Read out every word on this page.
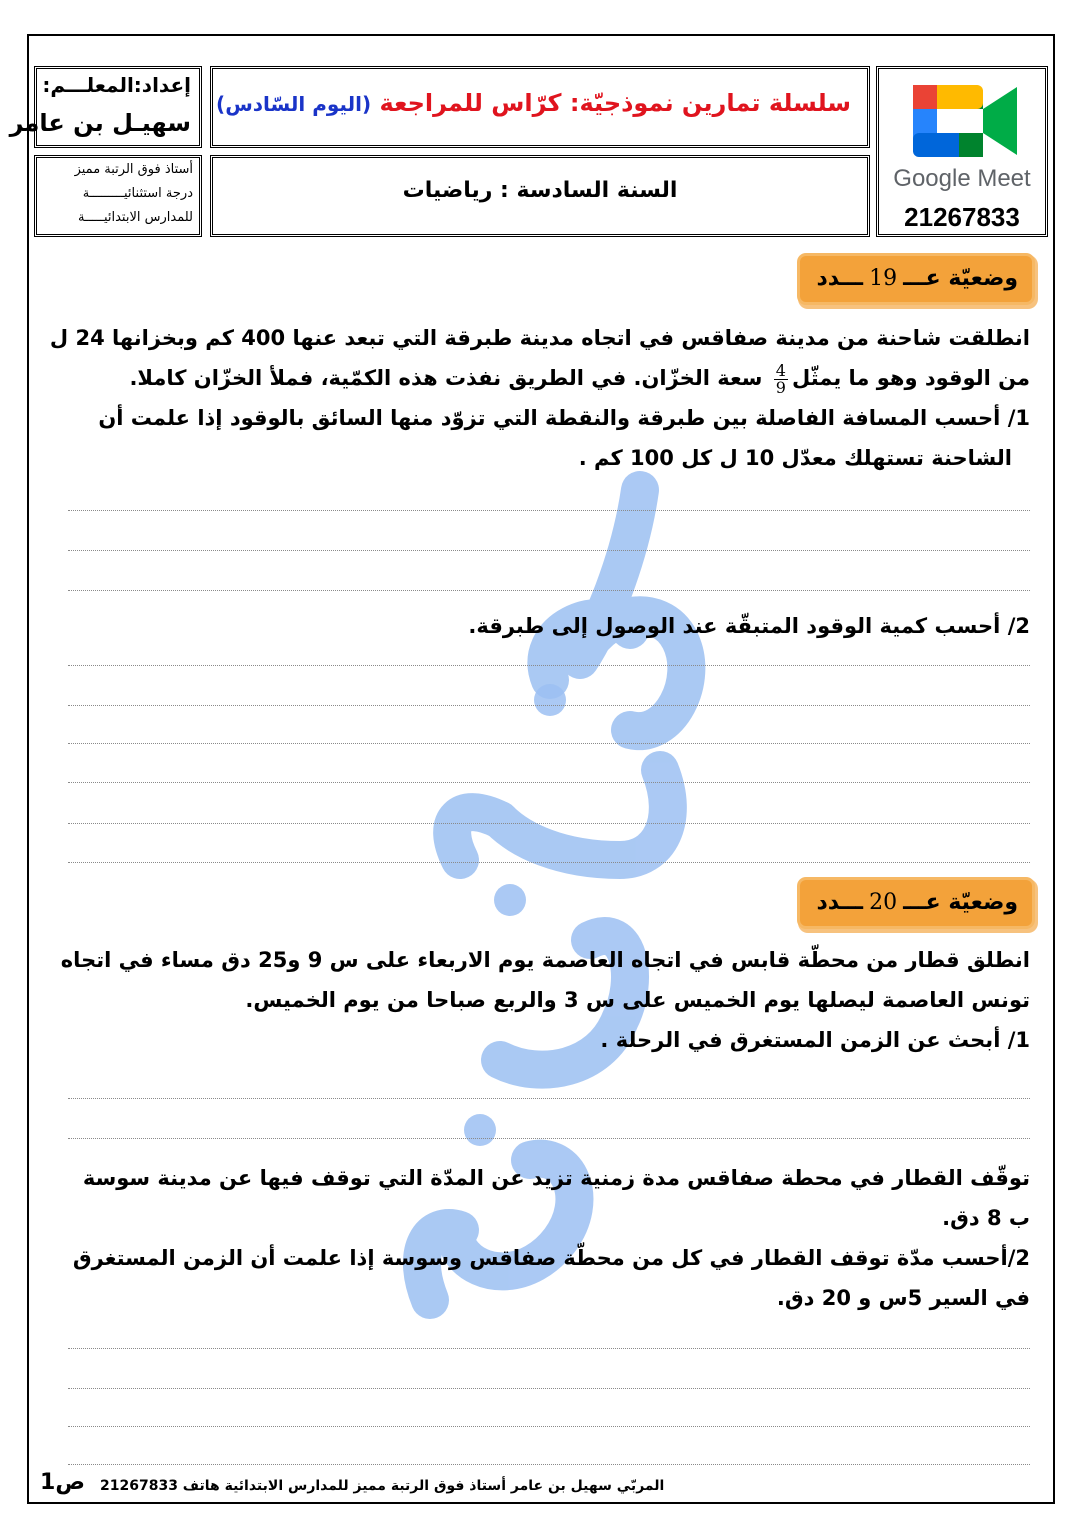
سلسلة تمارين نموذجيّة: كرّاس للمراجعة (اليوم السّادس)
السنة السادسة : رياضيات
إعداد:المعلـــم:
سهيـل بن عامر
أستاذ فوق الرتبة مميز
درجة استثنائيـــــــــة
للمدارس الابتدائيـــــة
Google Meet
21267833
وضعيّة عـــ19ـــدد
انطلقت شاحنة من مدينة صفاقس في اتجاه مدينة طبرقة التي تبعد عنها 400 كم وبخزانها 24 ل
من الوقود وهو ما يمثّل
$\frac{4}{9}$
سعة الخزّان. في الطريق نفذت هذه الكمّية، فملأ الخزّان كاملا.
1/ أحسب المسافة الفاصلة بين طبرقة والنقطة التي تزوّد منها السائق بالوقود إذا علمت أن
الشاحنة تستهلك معدّل 10 ل كل 100 كم .
2/ أحسب كمية الوقود المتبقّة عند الوصول إلى طبرقة.
وضعيّة عـــ20ـــدد
انطلق قطار من محطّة قابس في اتجاه العاصمة يوم الاربعاء على س 9 و25 دق مساء في اتجاه
تونس العاصمة ليصلها يوم الخميس على س 3 والربع صباحا من يوم الخميس.
1/ أبحث عن الزمن المستغرق في الرحلة .
توقّف القطار في محطة صفاقس مدة زمنية تزيد عن المدّة التي توقف فيها عن مدينة سوسة
ب 8 دق.
2/أحسب مدّة توقف القطار في كل من محطّة صفاقس وسوسة إذا علمت أن الزمن المستغرق
في السير 5س و 20 دق.
المربّي سهيل بن عامر أستاذ فوق الرتبة مميز للمدارس الابتدائية هاتف 21267833
ص1
